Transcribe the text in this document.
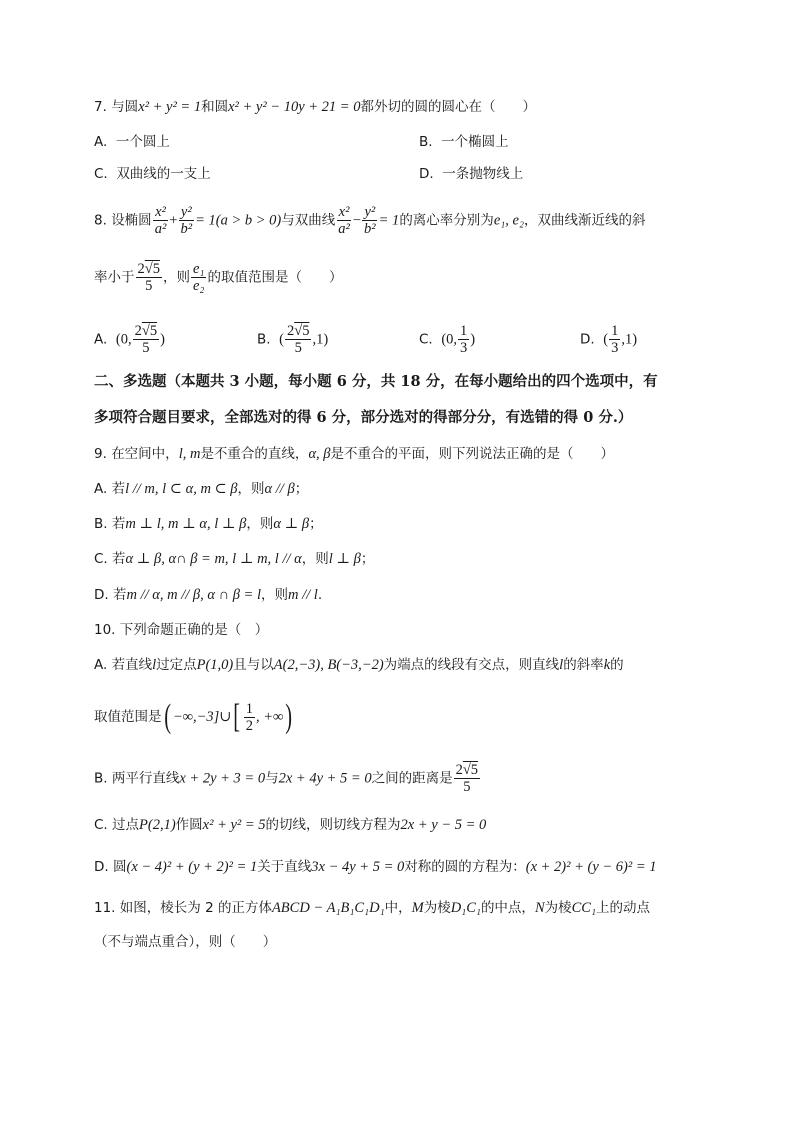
7. 与圆x² + y² = 1和圆x² + y² − 10y + 21 = 0都外切的圆的圆心在（　　）
A. 一个圆上	B. 一个椭圆上
C. 双曲线的一支上	D. 一条抛物线上
8. 设椭圆 $\frac{\text{x²}}{\text{a²}} + \frac{\text{y²}}{\text{b²}} = 1(a > b > 0)$与双曲线 $\frac{\text{x²}}{\text{a²}} - \frac{\text{y²}}{\text{b²}} = 1$的离心率分别为e₁, e₂，双曲线渐近线的斜
率小于 $\frac{2√5}{5}$ ，则 $\frac{\text{e₁}}{\text{e₂}}$ 的取值范围是（　　）
A. (0, $\frac{2√5}{5}$ )	B. ( $\frac{2√5}{5} ,1$)	C. (0, $\frac{1}{3}$ )	D. ( $\frac{1}{3} ,1$)
二、多选题（本题共 3 小题，每小题 6 分，共 18 分，在每小题给出的四个选项中，有
多项符合题目要求，全部选对的得 6 分，部分选对的得部分分，有选错的得 0 分.）
9. 在空间中，l, m是不重合的直线，α, β是不重合的平面，则下列说法正确的是（　　）
A. 若l // m, l ⊂ α, m ⊂ β，则α // β；
B. 若m ⊥ l, m ⊥ α, l ⊥ β，则α ⊥ β；
C. 若α ⊥ β, α∩ β = m, l ⊥ m, l // α，则l ⊥ β；
D. 若m // α, m // β, α ∩ β = l，则m // l.
10. 下列命题正确的是（　）
A. 若直线l过定点P(1,0)且与以A(2,−3), B(−3,−2)为端点的线段有交点，则直线l的斜率k的
取值范围是( −∞,−3]∪[ $\frac{1}{2}$ , +∞)
B. 两平行直线x + 2y + 3 = 0与2x + 4y + 5 = 0之间的距离是 $\frac{2√5}{5}$
C. 过点P(2,1)作圆x² + y² = 5的切线，则切线方程为2x + y − 5 = 0
D. 圆(x − 4)² + (y + 2)² = 1关于直线3x − 4y + 5 = 0对称的圆的方程为：(x + 2)² + (y − 6)² = 1
11. 如图，棱长为 2 的正方体ABCD − A₁B₁C₁D₁中，M为棱D₁C₁的中点，N为棱CC₁上的动点
（不与端点重合），则（　　）
